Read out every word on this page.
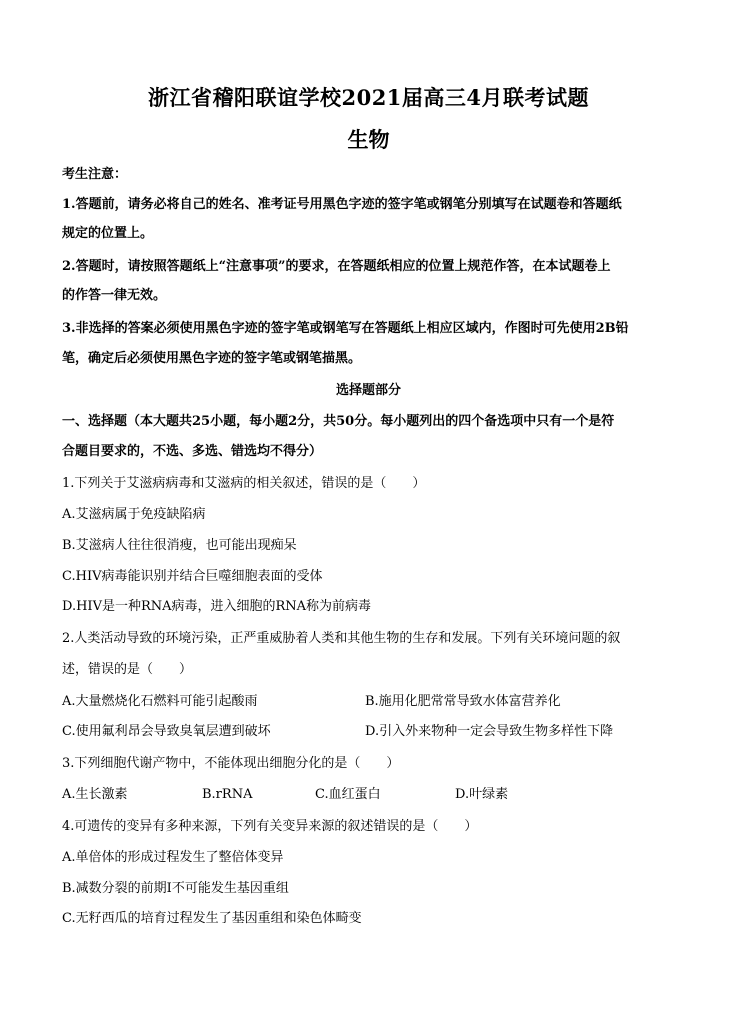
浙江省稽阳联谊学校2021届高三4月联考试题
生物
考生注意：
1.答题前，请务必将自己的姓名、准考证号用黑色字迹的签字笔或钢笔分别填写在试题卷和答题纸
规定的位置上。
2.答题时，请按照答题纸上“注意事项”的要求，在答题纸相应的位置上规范作答，在本试题卷上
的作答一律无效。
3.非选择的答案必须使用黑色字迹的签字笔或钢笔写在答题纸上相应区域内，作图时可先使用2B铅
笔，确定后必须使用黑色字迹的签字笔或钢笔描黑。
选择题部分
一、选择题（本大题共25小题，每小题2分，共50分。每小题列出的四个备选项中只有一个是符
合题目要求的，不选、多选、错选均不得分）
1.下列关于艾滋病病毒和艾滋病的相关叙述，错误的是（　　）
A.艾滋病属于免疫缺陷病
B.艾滋病人往往很消瘦，也可能出现痴呆
C.HIV病毒能识别并结合巨噬细胞表面的受体
D.HIV是一种RNA病毒，进入细胞的RNA称为前病毒
2.人类活动导致的环境污染，正严重威胁着人类和其他生物的生存和发展。下列有关环境问题的叙
述，错误的是（　　）
A.大量燃烧化石燃料可能引起酸雨	B.施用化肥常常导致水体富营养化
C.使用氟利昂会导致臭氧层遭到破坏	D.引入外来物种一定会导致生物多样性下降
3.下列细胞代谢产物中，不能体现出细胞分化的是（　　）
A.生长激素	B.rRNA	C.血红蛋白	D.叶绿素
4.可遗传的变异有多种来源，下列有关变异来源的叙述错误的是（　　）
A.单倍体的形成过程发生了整倍体变异
B.减数分裂的前期Ⅰ不可能发生基因重组
C.无籽西瓜的培育过程发生了基因重组和染色体畸变
